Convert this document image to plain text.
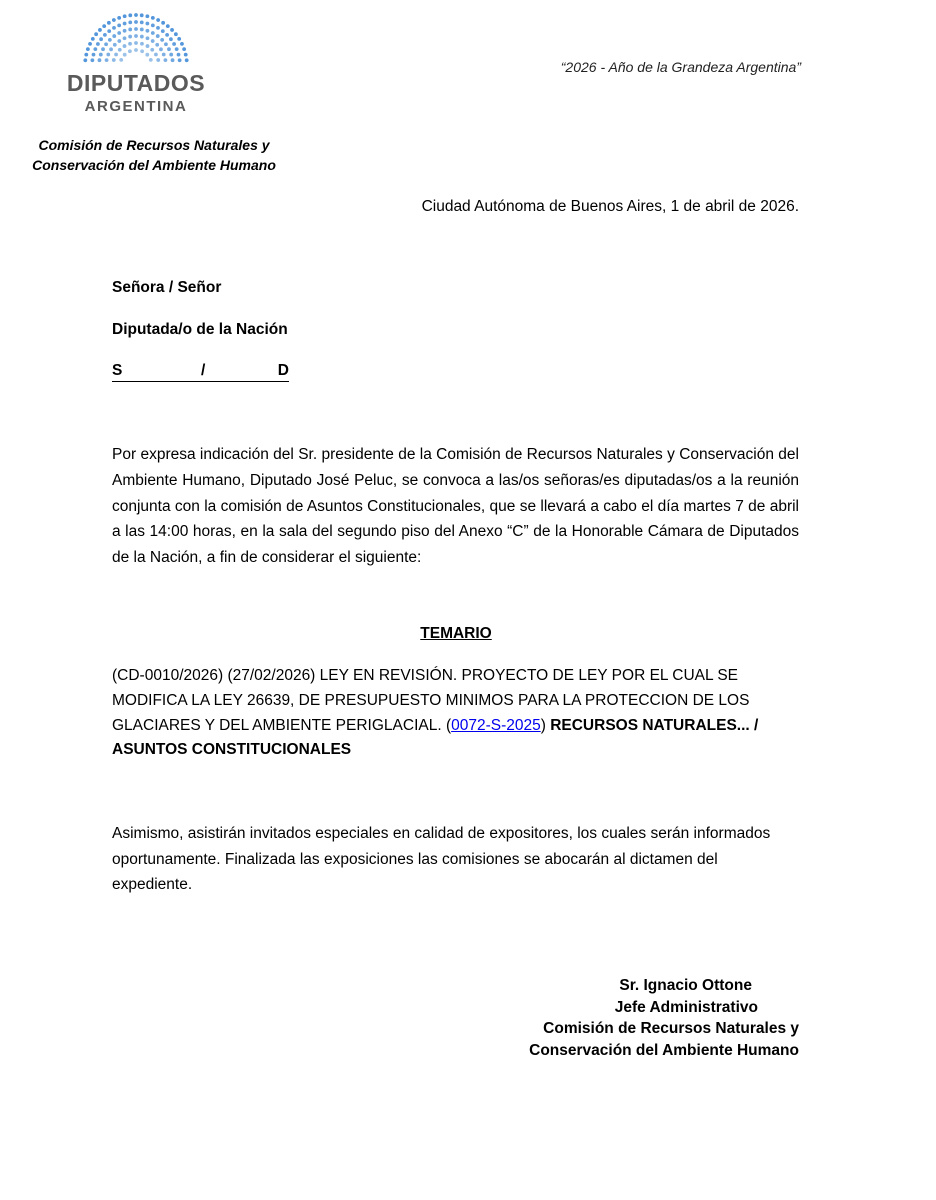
DIPUTADOS
ARGENTINA
“2026 - Año de la Grandeza Argentina”
Comisión de Recursos Naturales y
Conservación del Ambiente Humano
Ciudad Autónoma de Buenos Aires, 1 de abril de 2026.
Señora / Señor
Diputada/o de la Nación
S	/	D
Por expresa indicación del Sr. presidente de la Comisión de Recursos Naturales y Conservación del Ambiente Humano, Diputado José Peluc, se convoca a las/os señoras/es diputadas/os a la reunión conjunta con la comisión de Asuntos Constitucionales, que se llevará a cabo el día martes 7 de abril a las 14:00 horas, en la sala del segundo piso del Anexo “C” de la Honorable Cámara de Diputados de la Nación, a fin de considerar el siguiente:
TEMARIO
(CD-0010/2026) (27/02/2026) LEY EN REVISIÓN. PROYECTO DE LEY POR EL CUAL SE MODIFICA LA LEY 26639, DE PRESUPUESTO MINIMOS PARA LA PROTECCION DE LOS GLACIARES Y DEL AMBIENTE PERIGLACIAL. (0072-S-2025) RECURSOS NATURALES... / ASUNTOS CONSTITUCIONALES
Asimismo, asistirán invitados especiales en calidad de expositores, los cuales serán informados oportunamente. Finalizada las exposiciones las comisiones se abocarán al dictamen del expediente.
Sr. Ignacio Ottone
Jefe Administrativo
Comisión de Recursos Naturales y
Conservación del Ambiente Humano
